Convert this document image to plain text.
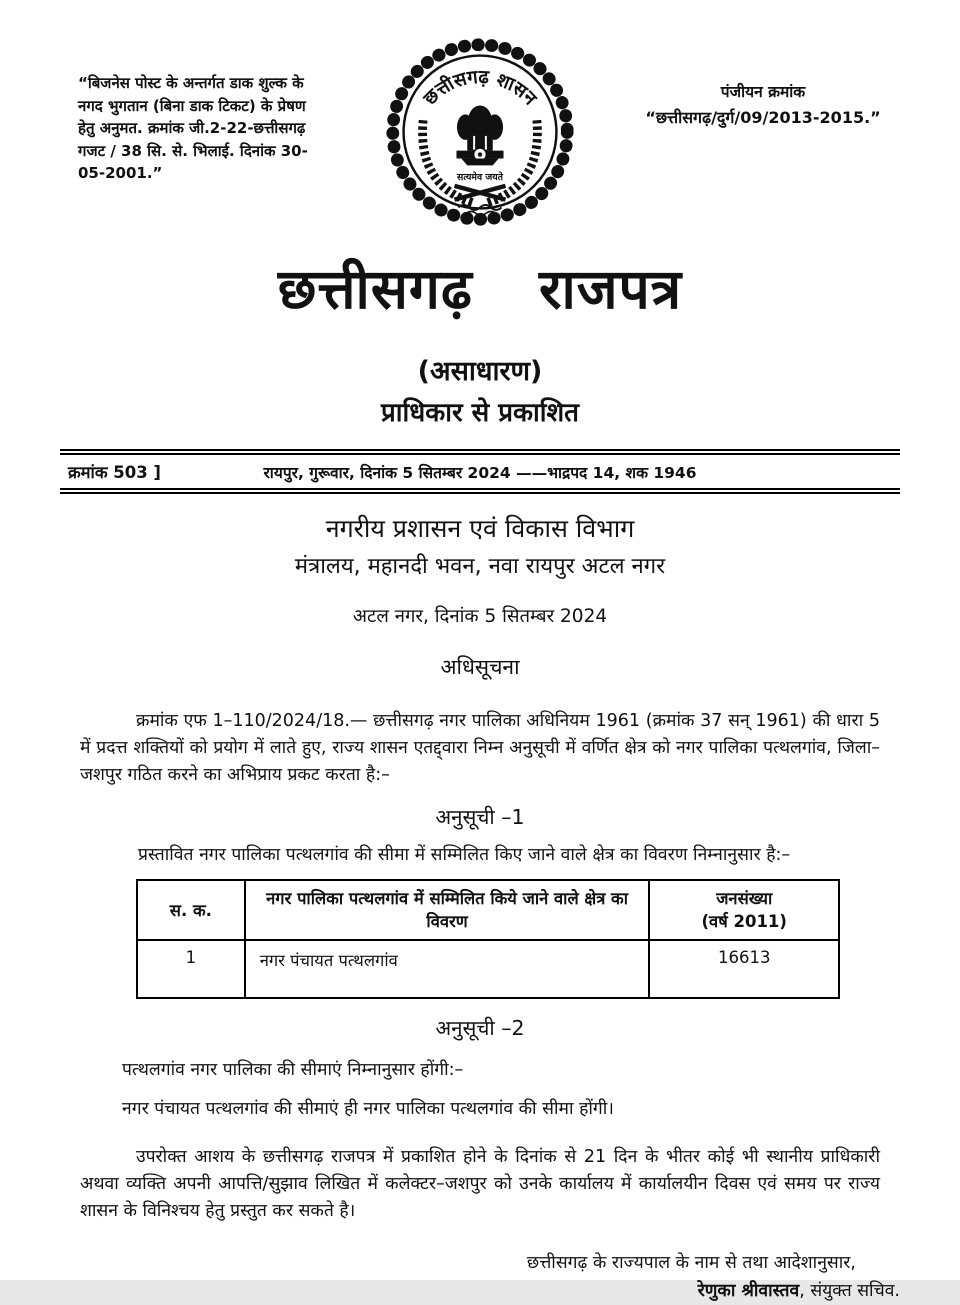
“बिजनेस पोस्ट के अन्तर्गत डाक शुल्क के नगद भुगतान (बिना डाक टिकट) के प्रेषण हेतु अनुमत. क्रमांक जी.2-22-छत्तीसगढ़ गजट / 38 सि. से. भिलाई. दिनांक 30-05-2001.”
छत्तीसगढ़ शासन
सत्यमेव जयते
पंजीयन क्रमांक
“छत्तीसगढ़/दुर्ग/09/2013-2015.”
छत्तीसगढ़ राजपत्र
(असाधारण)
प्राधिकार से प्रकाशित
क्रमांक 503 ]	रायपुर, गुरूवार, दिनांक 5 सितम्बर 2024 ——भाद्रपद 14, शक 1946
नगरीय प्रशासन एवं विकास विभाग
मंत्रालय, महानदी भवन, नवा रायपुर अटल नगर
अटल नगर, दिनांक 5 सितम्बर 2024
अधिसूचना

क्रमांक एफ 1–110/2024/18.— छत्तीसगढ़ नगर पालिका अधिनियम 1961 (क्रमांक 37 सन् 1961) की धारा 5 में प्रदत्त शक्तियों को प्रयोग में लाते हुए, राज्य शासन एतद्द्वारा निम्न अनुसूची में वर्णित क्षेत्र को नगर पालिका पत्थलगांव, जिला–जशपुर गठित करने का अभिप्राय प्रकट करता है:–

अनुसूची –1

प्रस्तावित नगर पालिका पत्थलगांव की सीमा में सम्मिलित किए जाने वाले क्षेत्र का विवरण निम्नानुसार है:–

स. क.	नगर पालिका पत्थलगांव में सम्मिलित किये जाने वाले क्षेत्र का विवरण	जनसंख्या
(वर्ष 2011)

1	नगर पंचायत पत्थलगांव	16613
अनुसूची –2

पत्थलगांव नगर पालिका की सीमाएं निम्नानुसार होंगी:–

नगर पंचायत पत्थलगांव की सीमाएं ही नगर पालिका पत्थलगांव की सीमा होंगी।

उपरोक्त आशय के छत्तीसगढ़ राजपत्र में प्रकाशित होने के दिनांक से 21 दिन के भीतर कोई भी स्थानीय प्राधिकारी अथवा व्यक्ति अपनी आपत्ति/सुझाव लिखित में कलेक्टर–जशपुर को उनके कार्यालय में कार्यालयीन दिवस एवं समय पर राज्य शासन के विनिश्चय हेतु प्रस्तुत कर सकते है।

छत्तीसगढ़ के राज्यपाल के नाम से तथा आदेशानुसार,
रेणुका श्रीवास्तव, संयुक्त सचिव.
